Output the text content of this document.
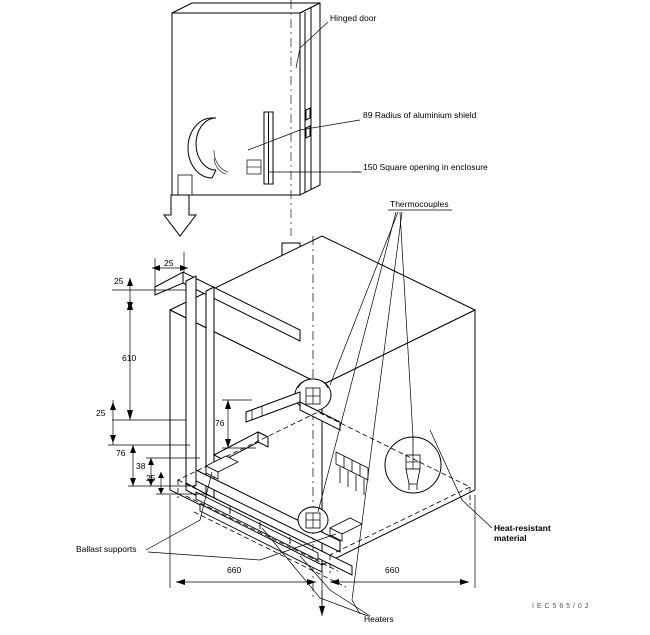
Hinged door
89 Radius of aluminium shield
150 Square opening in enclosure
Thermocouples
Heat-resistant material
Ballast supports
Heaters
25
25
610
25
76
76
38
25
660	660
I E C 5 6 5 / 0 2
